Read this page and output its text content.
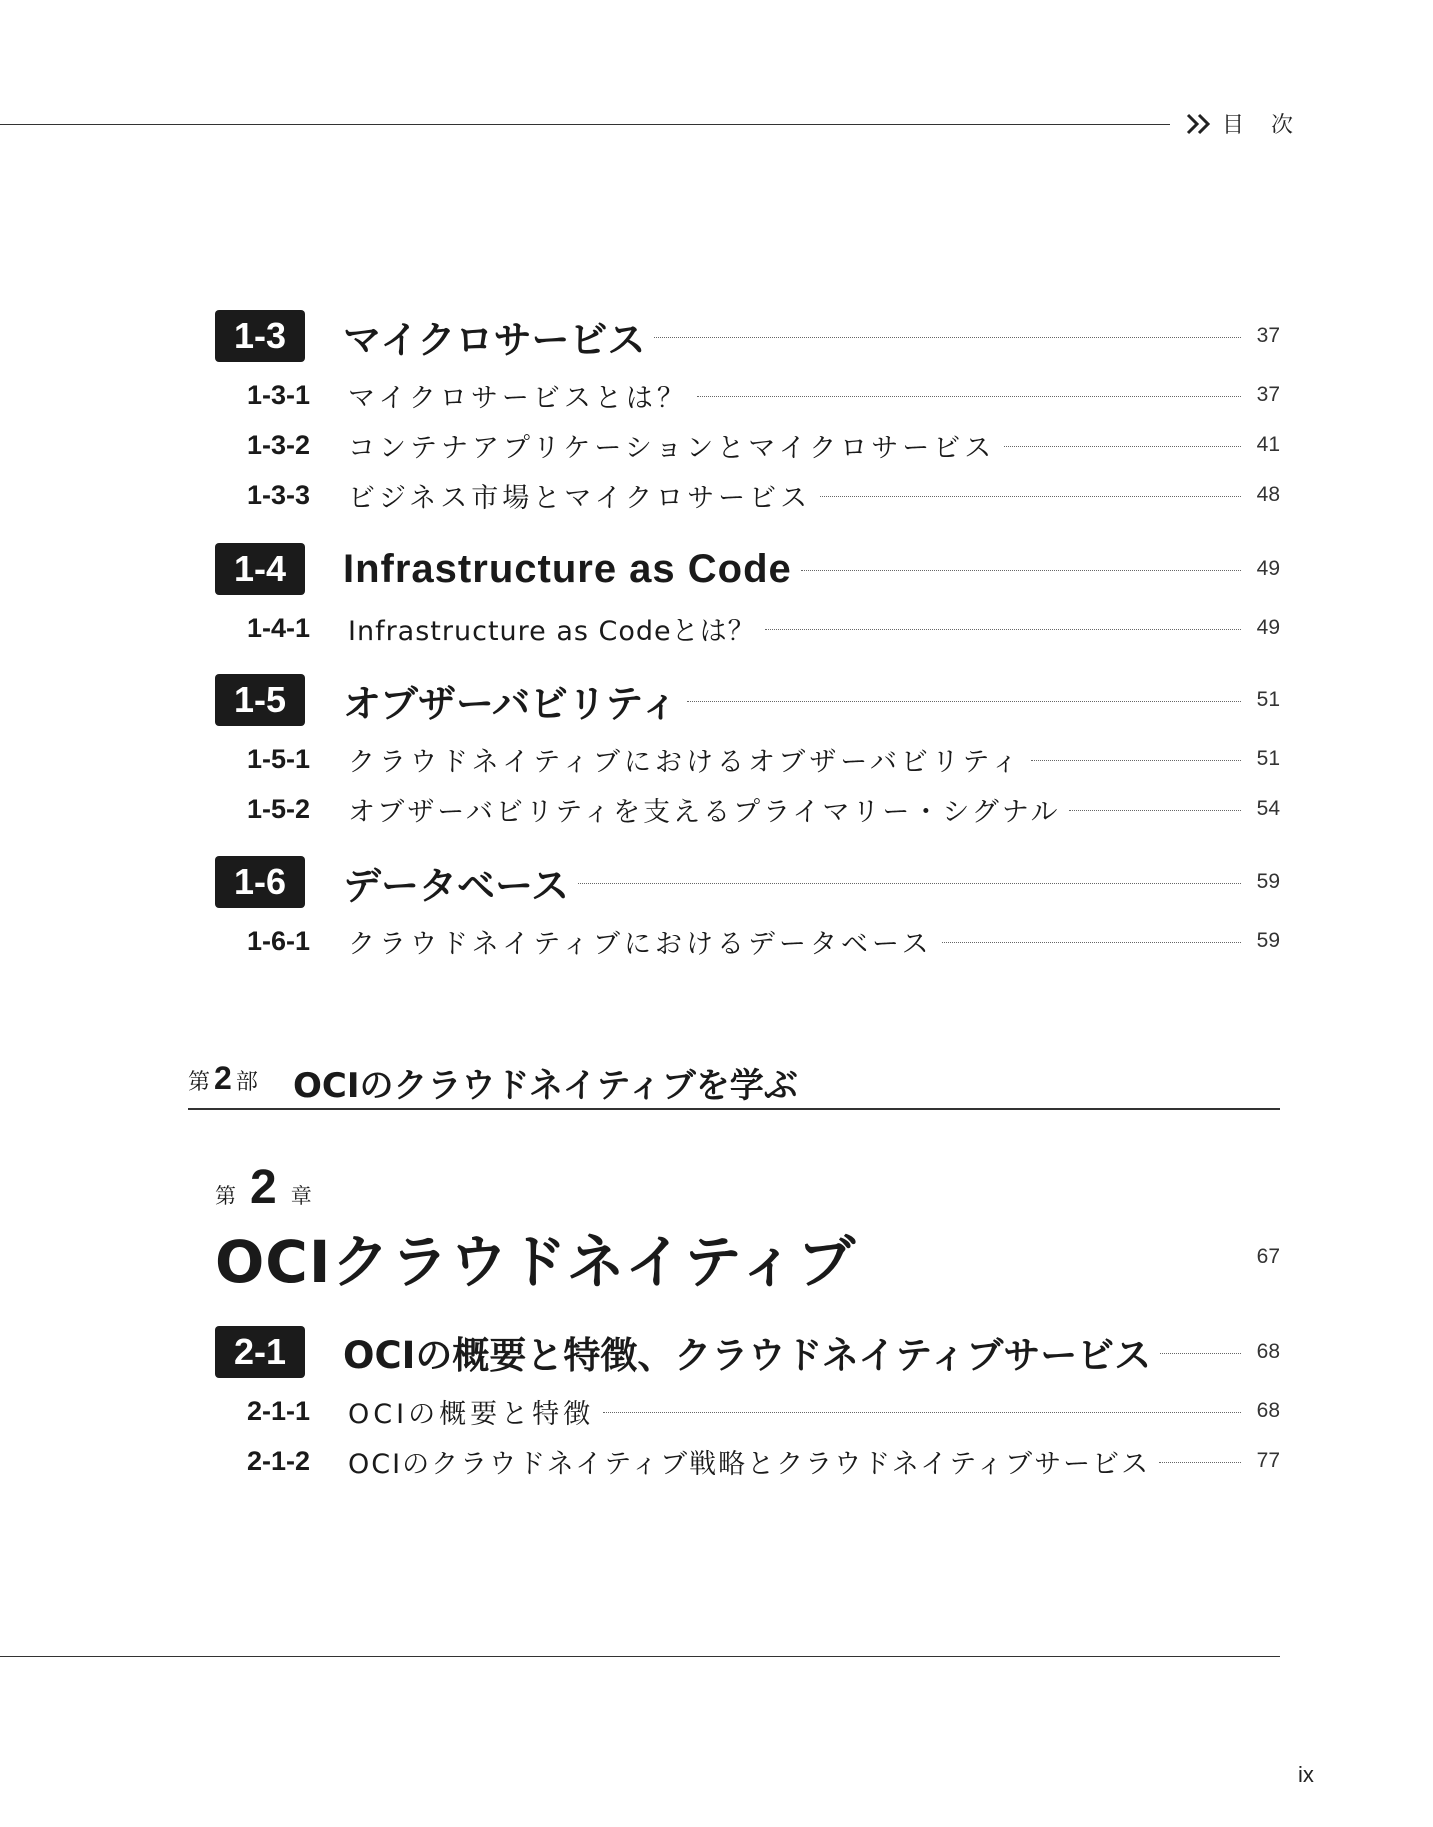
目 次
1-3	マイクロサービス	37
1-3-1 マイクロサービスとは？	37
1-3-2 コンテナアプリケーションとマイクロサービス	41
1-3-3 ビジネス市場とマイクロサービス	48
1-4	Infrastructure as Code	49
1-4-1 Infrastructure as Codeとは？	49
1-5	オブザーバビリティ	51
1-5-1 クラウドネイティブにおけるオブザーバビリティ	51
1-5-2 オブザーバビリティを支えるプライマリー・シグナル	54
1-6	データベース	59
1-6-1 クラウドネイティブにおけるデータベース	59
第 2 部 OCIのクラウドネイティブを学ぶ
第 2 章
OCIクラウドネイティブ	67
2-1	OCIの概要と特徴、クラウドネイティブサービス	68
2-1-1 OCIの概要と特徴	68
2-1-2 OCIのクラウドネイティブ戦略とクラウドネイティブサービス	77
ix
